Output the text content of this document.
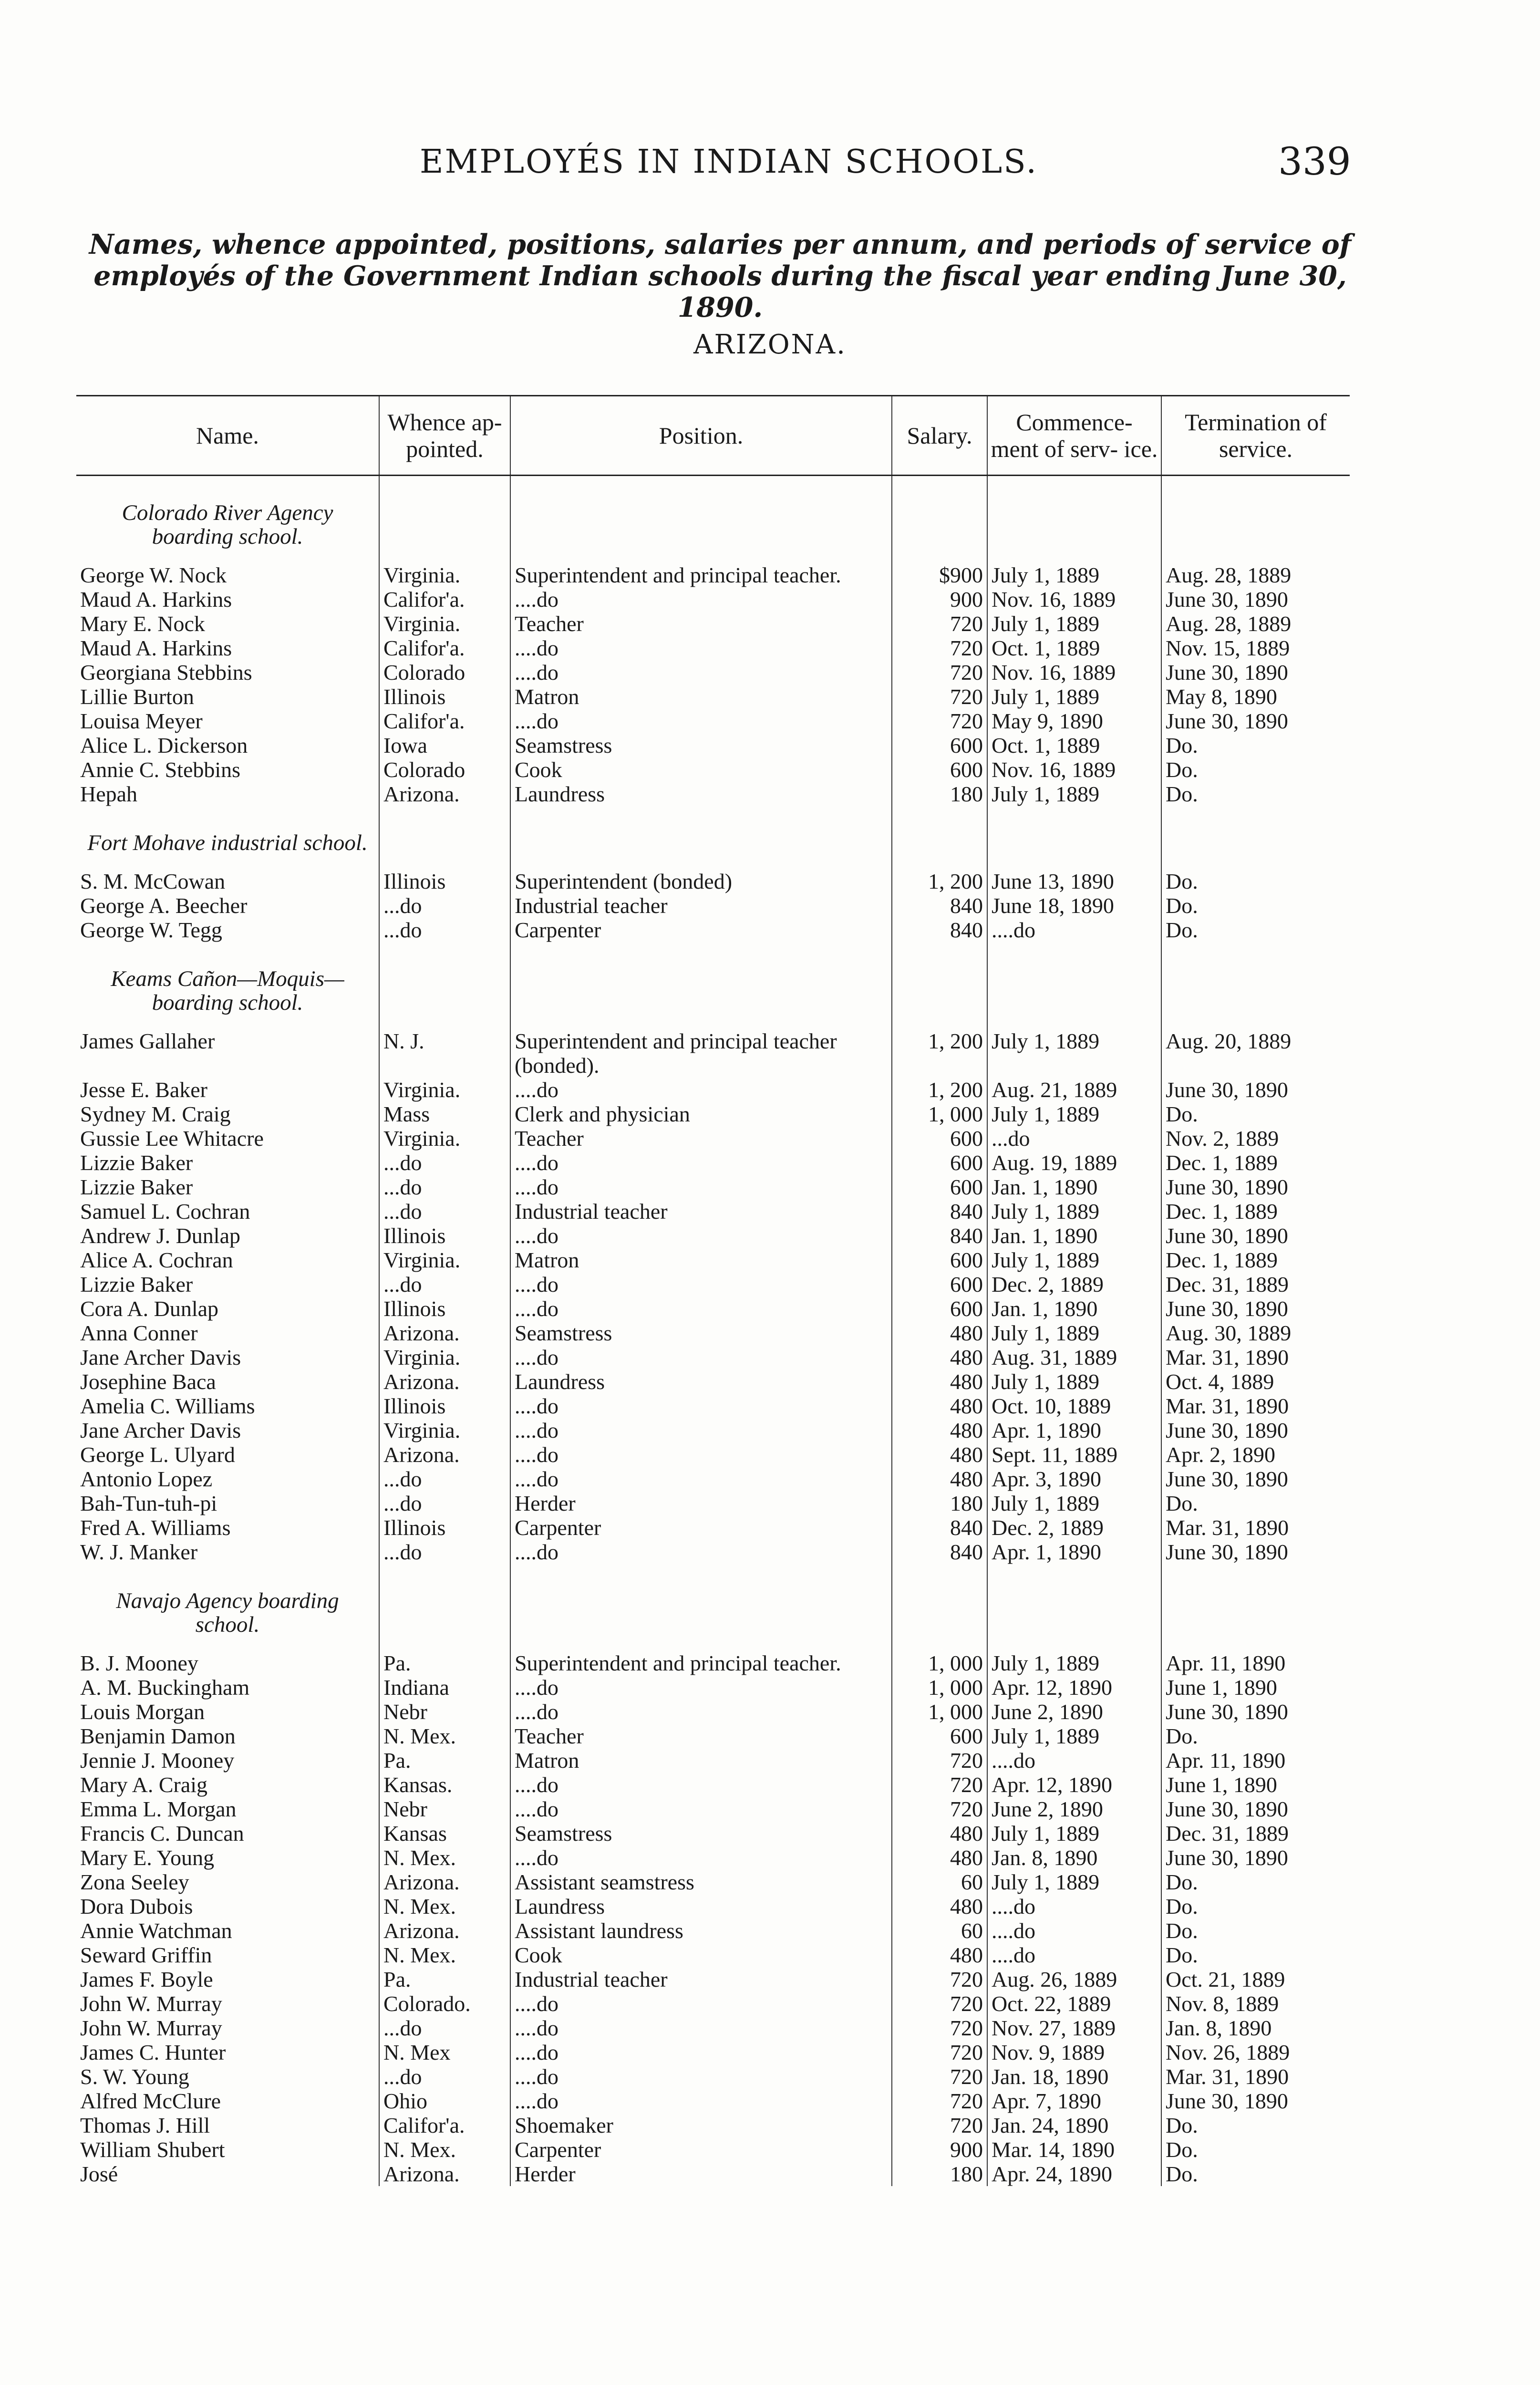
EMPLOYÉS IN INDIAN SCHOOLS.	339
Names, whence appointed, positions, salaries per annum, and periods of service of employés of the Government Indian schools during the fiscal year ending June 30, 1890.
ARIZONA.
Name.	Whence ap- pointed.	Position.	Salary.	Commence- ment of serv- ice.	Termination of service.
Colorado River Agency boarding school.					
George W. Nock	Virginia.	Superintendent and principal teacher.	$900	July 1, 1889	Aug. 28, 1889
Maud A. Harkins	Califor'a.	....do	900	Nov. 16, 1889	June 30, 1890
Mary E. Nock	Virginia.	Teacher	720	July 1, 1889	Aug. 28, 1889
Maud A. Harkins	Califor'a.	....do	720	Oct. 1, 1889	Nov. 15, 1889
Georgiana Stebbins	Colorado	....do	720	Nov. 16, 1889	June 30, 1890
Lillie Burton	Illinois	Matron	720	July 1, 1889	May 8, 1890
Louisa Meyer	Califor'a.	....do	720	May 9, 1890	June 30, 1890
Alice L. Dickerson	Iowa	Seamstress	600	Oct. 1, 1889	Do.
Annie C. Stebbins	Colorado	Cook	600	Nov. 16, 1889	Do.
Hepah	Arizona.	Laundress	180	July 1, 1889	Do.
Fort Mohave industrial school.					
S. M. McCowan	Illinois	Superintendent (bonded)	1, 200	June 13, 1890	Do.
George A. Beecher	...do	Industrial teacher	840	June 18, 1890	Do.
George W. Tegg	...do	Carpenter	840	....do	Do.
Keams Cañon—Moquis—boarding school.					
James Gallaher	N. J.	Superintendent and principal teacher (bonded).	1, 200	July 1, 1889	Aug. 20, 1889
Jesse E. Baker	Virginia.	....do	1, 200	Aug. 21, 1889	June 30, 1890
Sydney M. Craig	Mass	Clerk and physician	1, 000	July 1, 1889	Do.
Gussie Lee Whitacre	Virginia.	Teacher	600	...do	Nov. 2, 1889
Lizzie Baker	...do	....do	600	Aug. 19, 1889	Dec. 1, 1889
Lizzie Baker	...do	....do	600	Jan. 1, 1890	June 30, 1890
Samuel L. Cochran	...do	Industrial teacher	840	July 1, 1889	Dec. 1, 1889
Andrew J. Dunlap	Illinois	....do	840	Jan. 1, 1890	June 30, 1890
Alice A. Cochran	Virginia.	Matron	600	July 1, 1889	Dec. 1, 1889
Lizzie Baker	...do	....do	600	Dec. 2, 1889	Dec. 31, 1889
Cora A. Dunlap	Illinois	....do	600	Jan. 1, 1890	June 30, 1890
Anna Conner	Arizona.	Seamstress	480	July 1, 1889	Aug. 30, 1889
Jane Archer Davis	Virginia.	....do	480	Aug. 31, 1889	Mar. 31, 1890
Josephine Baca	Arizona.	Laundress	480	July 1, 1889	Oct. 4, 1889
Amelia C. Williams	Illinois	....do	480	Oct. 10, 1889	Mar. 31, 1890
Jane Archer Davis	Virginia.	....do	480	Apr. 1, 1890	June 30, 1890
George L. Ulyard	Arizona.	....do	480	Sept. 11, 1889	Apr. 2, 1890
Antonio Lopez	...do	....do	480	Apr. 3, 1890	June 30, 1890
Bah-Tun-tuh-pi	...do	Herder	180	July 1, 1889	Do.
Fred A. Williams	Illinois	Carpenter	840	Dec. 2, 1889	Mar. 31, 1890
W. J. Manker	...do	....do	840	Apr. 1, 1890	June 30, 1890
Navajo Agency boarding school.					
B. J. Mooney	Pa.	Superintendent and principal teacher.	1, 000	July 1, 1889	Apr. 11, 1890
A. M. Buckingham	Indiana	....do	1, 000	Apr. 12, 1890	June 1, 1890
Louis Morgan	Nebr	....do	1, 000	June 2, 1890	June 30, 1890
Benjamin Damon	N. Mex.	Teacher	600	July 1, 1889	Do.
Jennie J. Mooney	Pa.	Matron	720	....do	Apr. 11, 1890
Mary A. Craig	Kansas.	....do	720	Apr. 12, 1890	June 1, 1890
Emma L. Morgan	Nebr	....do	720	June 2, 1890	June 30, 1890
Francis C. Duncan	Kansas	Seamstress	480	July 1, 1889	Dec. 31, 1889
Mary E. Young	N. Mex.	....do	480	Jan. 8, 1890	June 30, 1890
Zona Seeley	Arizona.	Assistant seamstress	60	July 1, 1889	Do.
Dora Dubois	N. Mex.	Laundress	480	....do	Do.
Annie Watchman	Arizona.	Assistant laundress	60	....do	Do.
Seward Griffin	N. Mex.	Cook	480	....do	Do.
James F. Boyle	Pa.	Industrial teacher	720	Aug. 26, 1889	Oct. 21, 1889
John W. Murray	Colorado.	....do	720	Oct. 22, 1889	Nov. 8, 1889
John W. Murray	...do	....do	720	Nov. 27, 1889	Jan. 8, 1890
James C. Hunter	N. Mex	....do	720	Nov. 9, 1889	Nov. 26, 1889
S. W. Young	...do	....do	720	Jan. 18, 1890	Mar. 31, 1890
Alfred McClure	Ohio	....do	720	Apr. 7, 1890	June 30, 1890
Thomas J. Hill	Califor'a.	Shoemaker	720	Jan. 24, 1890	Do.
William Shubert	N. Mex.	Carpenter	900	Mar. 14, 1890	Do.
José	Arizona.	Herder	180	Apr. 24, 1890	Do.
